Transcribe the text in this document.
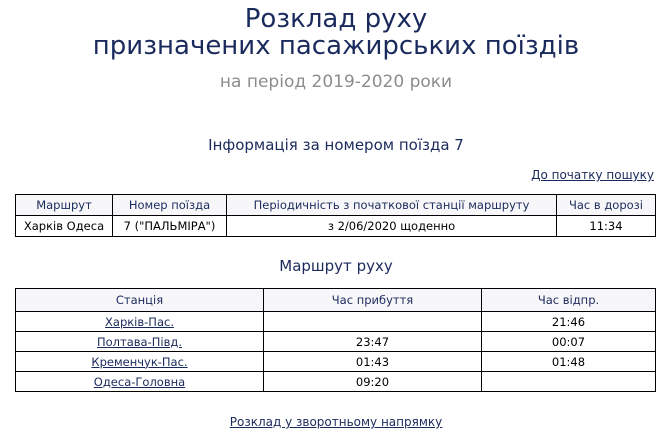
Розклад руху
призначених пасажирських поїздів
на період 2019-2020 роки
Інформація за номером поїзда 7
До початку пошуку
Маршрут	Номер поїзда	Періодичність з початкової станції маршруту	Час в дорозі
Харків Одеса	7 ("ПАЛЬМІРА")	з 2/06/2020 щоденно	11:34
Маршрут руху
Станція	Час прибуття	Час відпр.
Харків-Пас.		21:46
Полтава-Півд.	23:47	00:07
Кременчук-Пас.	01:43	01:48
Одеса-Головна	09:20	
Розклад у зворотньому напрямку
